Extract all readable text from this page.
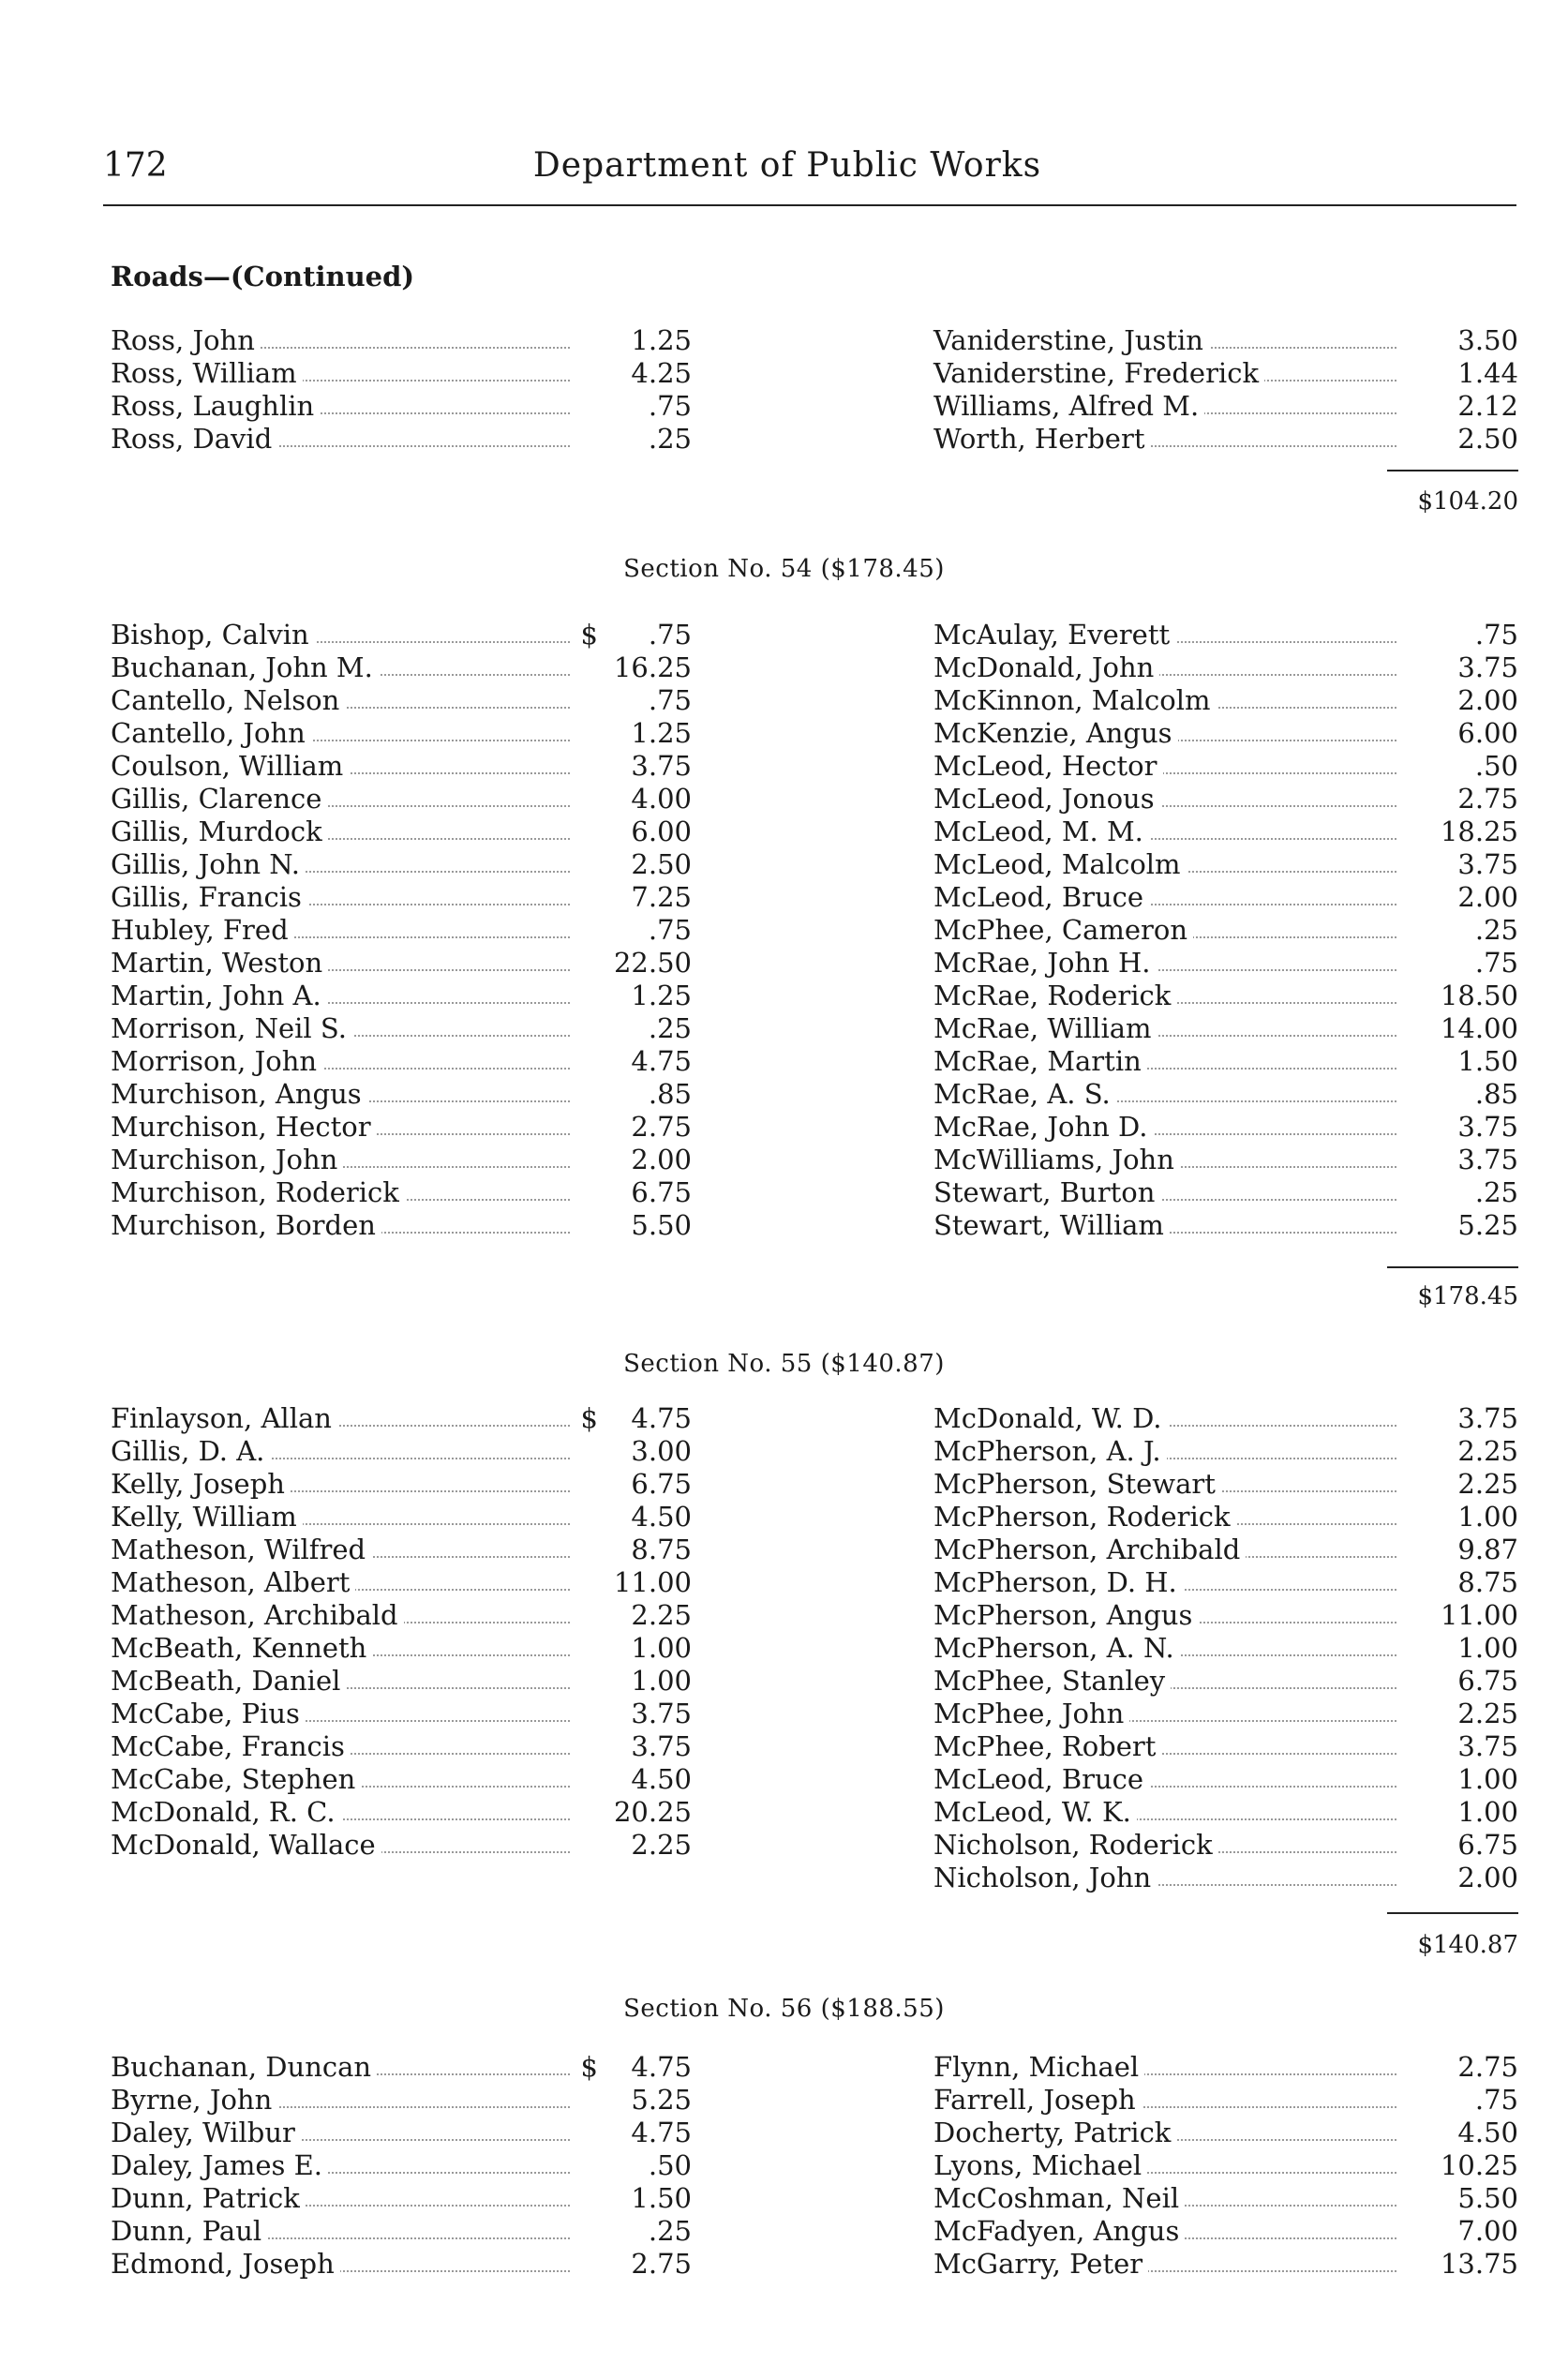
172	Department of Public Works
Roads—(Continued)
Ross, John	1.25
Ross, William	4.25
Ross, Laughlin	.75
Ross, David	.25
Vaniderstine, Justin	3.50
Vaniderstine, Frederick	1.44
Williams, Alfred M.	2.12
Worth, Herbert	2.50
$104.20
Section No. 54 ($178.45)
Bishop, Calvin	$	.75
Buchanan, John M.	16.25
Cantello, Nelson	.75
Cantello, John	1.25
Coulson, William	3.75
Gillis, Clarence	4.00
Gillis, Murdock	6.00
Gillis, John N.	2.50
Gillis, Francis	7.25
Hubley, Fred	.75
Martin, Weston	22.50
Martin, John A.	1.25
Morrison, Neil S.	.25
Morrison, John	4.75
Murchison, Angus	.85
Murchison, Hector	2.75
Murchison, John	2.00
Murchison, Roderick	6.75
Murchison, Borden	5.50
McAulay, Everett	.75
McDonald, John	3.75
McKinnon, Malcolm	2.00
McKenzie, Angus	6.00
McLeod, Hector	.50
McLeod, Jonous	2.75
McLeod, M. M.	18.25
McLeod, Malcolm	3.75
McLeod, Bruce	2.00
McPhee, Cameron	.25
McRae, John H.	.75
McRae, Roderick	18.50
McRae, William	14.00
McRae, Martin	1.50
McRae, A. S.	.85
McRae, John D.	3.75
McWilliams, John	3.75
Stewart, Burton	.25
Stewart, William	5.25
$178.45
Section No. 55 ($140.87)
Finlayson, Allan	$	4.75
Gillis, D. A.	3.00
Kelly, Joseph	6.75
Kelly, William	4.50
Matheson, Wilfred	8.75
Matheson, Albert	11.00
Matheson, Archibald	2.25
McBeath, Kenneth	1.00
McBeath, Daniel	1.00
McCabe, Pius	3.75
McCabe, Francis	3.75
McCabe, Stephen	4.50
McDonald, R. C.	20.25
McDonald, Wallace	2.25
McDonald, W. D.	3.75
McPherson, A. J.	2.25
McPherson, Stewart	2.25
McPherson, Roderick	1.00
McPherson, Archibald	9.87
McPherson, D. H.	8.75
McPherson, Angus	11.00
McPherson, A. N.	1.00
McPhee, Stanley	6.75
McPhee, John	2.25
McPhee, Robert	3.75
McLeod, Bruce	1.00
McLeod, W. K.	1.00
Nicholson, Roderick	6.75
Nicholson, John	2.00
$140.87
Section No. 56 ($188.55)
Buchanan, Duncan	$	4.75
Byrne, John	5.25
Daley, Wilbur	4.75
Daley, James E.	.50
Dunn, Patrick	1.50
Dunn, Paul	.25
Edmond, Joseph	2.75
Flynn, Michael	2.75
Farrell, Joseph	.75
Docherty, Patrick	4.50
Lyons, Michael	10.25
McCoshman, Neil	5.50
McFadyen, Angus	7.00
McGarry, Peter	13.75
